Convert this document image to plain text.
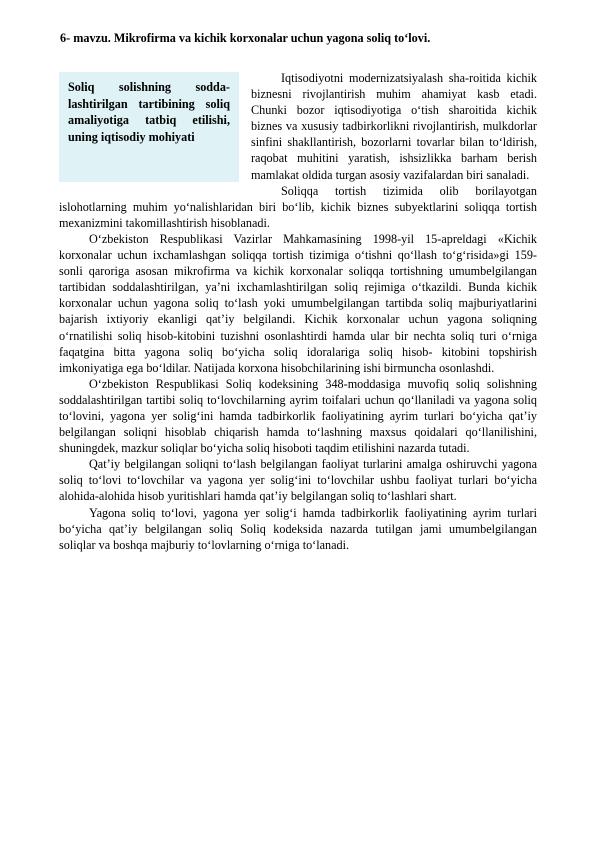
6- mavzu. Mikrofirma va kichik korxonalar uchun yagona soliq to‘lovi.

Soliq solishning sodda-lashtirilgan tartibining soliq amaliyotiga tatbiq etilishi, uning iqtisodiy mohiyati
Iqtisodiyotni modernizatsiyalash sha-roitida kichik biznesni rivojlantirish muhim ahamiyat kasb etadi. Chunki bozor iqtisodiyotiga o‘tish sharoitida kichik biznes va xususiy tadbirkorlikni rivojlantirish, mulkdorlar sinfini shakllantirish, bozorlarni tovarlar bilan to‘ldirish, raqobat muhitini yaratish, ishsizlikka barham berish mamlakat oldida turgan asosiy vazifalardan biri sanaladi.

Soliqqa tortish tizimida olib borilayotgan islohotlarning muhim yo‘nalishlaridan biri bo‘lib, kichik biznes subyektlarini soliqqa tortish mexanizmini takomillashtirish hisoblanadi.

O‘zbekiston Respublikasi Vazirlar Mahkamasining 1998-yil 15-apreldagi «Kichik korxonalar uchun ixchamlashgan soliqqa tortish tizimiga o‘tishni qo‘llash to‘g‘risida»gi 159-sonli qaroriga asosan mikrofirma va kichik korxonalar soliqqa tortishning umumbelgilangan tartibidan soddalashtirilgan, ya’ni ixchamlashtirilgan soliq rejimiga o‘tkazildi. Bunda kichik korxonalar uchun yagona soliq to‘lash yoki umumbelgilangan tartibda soliq majburiyatlarini bajarish ixtiyoriy ekanligi qat’iy belgilandi. Kichik korxonalar uchun yagona soliqning o‘rnatilishi soliq hisob-kitobini tuzishni osonlashtirdi hamda ular bir nechta soliq turi o‘rniga faqatgina bitta yagona soliq bo‘yicha soliq idoralariga soliq hisob- kitobini topshirish imkoniyatiga ega bo‘ldilar. Natijada korxona hisobchilarining ishi birmuncha osonlashdi.

O‘zbekiston Respublikasi Soliq kodeksining 348-moddasiga muvofiq soliq solishning soddalashtirilgan tartibi soliq to‘lovchilarning ayrim toifalari uchun qo‘llaniladi va yagona soliq to‘lovini, yagona yer solig‘ini hamda tadbirkorlik faoliyatining ayrim turlari bo‘yicha qat’iy belgilangan soliqni hisoblab chiqarish hamda to‘lashning maxsus qoidalari qo‘llanilishini, shuningdek, mazkur soliqlar bo‘yicha soliq hisoboti taqdim etilishini nazarda tutadi.

Qat’iy belgilangan soliqni to‘lash belgilangan faoliyat turlarini amalga oshiruvchi yagona soliq to‘lovi to‘lovchilar va yagona yer solig‘ini to‘lovchilar ushbu faoliyat turlari bo‘yicha alohida-alohida hisob yuritishlari hamda qat’iy belgilangan soliq to‘lashlari shart.

Yagona soliq to‘lovi, yagona yer solig‘i hamda tadbirkorlik faoliyatining ayrim turlari bo‘yicha qat’iy belgilangan soliq Soliq kodeksida nazarda tutilgan jami umumbelgilangan soliqlar va boshqa majburiy to‘lovlarning o‘rniga to‘lanadi.
